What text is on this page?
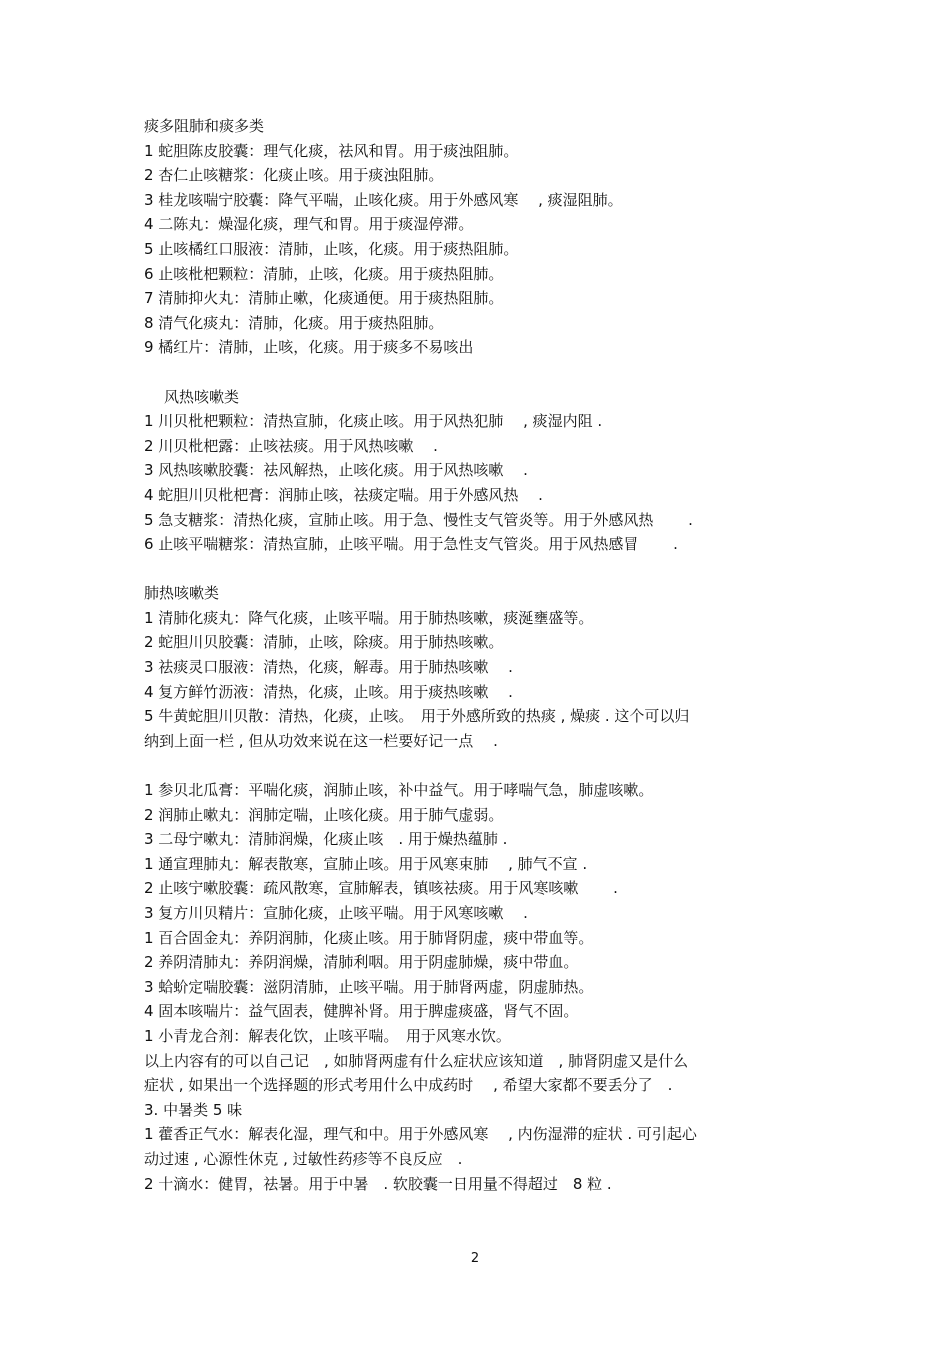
痰多阻肺和痰多类
1 蛇胆陈皮胶囊：理气化痰，祛风和胃。用于痰浊阻肺。
2 杏仁止咳糖浆：化痰止咳。用于痰浊阻肺。
3 桂龙咳喘宁胶囊：降气平喘，止咳化痰。用于外感风寒　 , 痰湿阻肺。
4 二陈丸：燥湿化痰，理气和胃。用于痰湿停滞。
5 止咳橘红口服液：清肺，止咳，化痰。用于痰热阻肺。
6 止咳枇杷颗粒：清肺，止咳，化痰。用于痰热阻肺。
7 清肺抑火丸：清肺止嗽，化痰通便。用于痰热阻肺。
8 清气化痰丸：清肺，化痰。用于痰热阻肺。
9 橘红片：清肺，止咳，化痰。用于痰多不易咳出
风热咳嗽类
1 川贝枇杷颗粒：清热宣肺，化痰止咳。用于风热犯肺　 , 痰湿内阻 .
2 川贝枇杷露：止咳祛痰。用于风热咳嗽　 .
3 风热咳嗽胶囊：祛风解热，止咳化痰。用于风热咳嗽　 .
4 蛇胆川贝枇杷膏：润肺止咳，祛痰定喘。用于外感风热　 .
5 急支糖浆：清热化痰，宣肺止咳。用于急、慢性支气管炎等。用于外感风热　　 .
6 止咳平喘糖浆：清热宣肺，止咳平喘。用于急性支气管炎。用于风热感冒　　 .
肺热咳嗽类
1 清肺化痰丸：降气化痰，止咳平喘。用于肺热咳嗽，痰涎壅盛等。
2 蛇胆川贝胶囊：清肺，止咳，除痰。用于肺热咳嗽。
3 祛痰灵口服液：清热，化痰，解毒。用于肺热咳嗽　 .
4 复方鲜竹沥液：清热，化痰，止咳。用于痰热咳嗽　 .
5 牛黄蛇胆川贝散：清热，化痰，止咳。　用于外感所致的热痰 , 燥痰 . 这个可以归
纳到上面一栏 , 但从功效来说在这一栏要好记一点　 .
1 参贝北瓜膏：平喘化痰，润肺止咳，补中益气。用于哮喘气急，肺虚咳嗽。
2 润肺止嗽丸：润肺定喘，止咳化痰。用于肺气虚弱。
3 二母宁嗽丸：清肺润燥，化痰止咳　. 用于燥热蕴肺 .
1 通宣理肺丸：解表散寒，宣肺止咳。用于风寒束肺　 , 肺气不宣 .
2 止咳宁嗽胶囊：疏风散寒，宣肺解表，镇咳祛痰。用于风寒咳嗽　　 .
3 复方川贝精片：宣肺化痰，止咳平喘。用于风寒咳嗽　 .
1 百合固金丸：养阴润肺，化痰止咳。用于肺肾阴虚，痰中带血等。
2 养阴清肺丸：养阴润燥，清肺利咽。用于阴虚肺燥，痰中带血。
3 蛤蚧定喘胶囊：滋阴清肺，止咳平喘。用于肺肾两虚，阴虚肺热。
4 固本咳喘片：益气固表，健脾补肾。用于脾虚痰盛，肾气不固。
1 小青龙合剂：解表化饮，止咳平喘。　用于风寒水饮。
以上内容有的可以自己记　, 如肺肾两虚有什么症状应该知道　, 肺肾阴虚又是什么
症状 , 如果出一个选择题的形式考用什么中成药时　 , 希望大家都不要丢分了　.
3. 中暑类 5 味
1 藿香正气水：解表化湿，理气和中。用于外感风寒　 , 内伤湿滞的症状 . 可引起心
动过速 , 心源性休克 , 过敏性药疹等不良反应　.
2 十滴水：健胃，祛暑。用于中暑　. 软胶囊一日用量不得超过　8 粒 .
2
